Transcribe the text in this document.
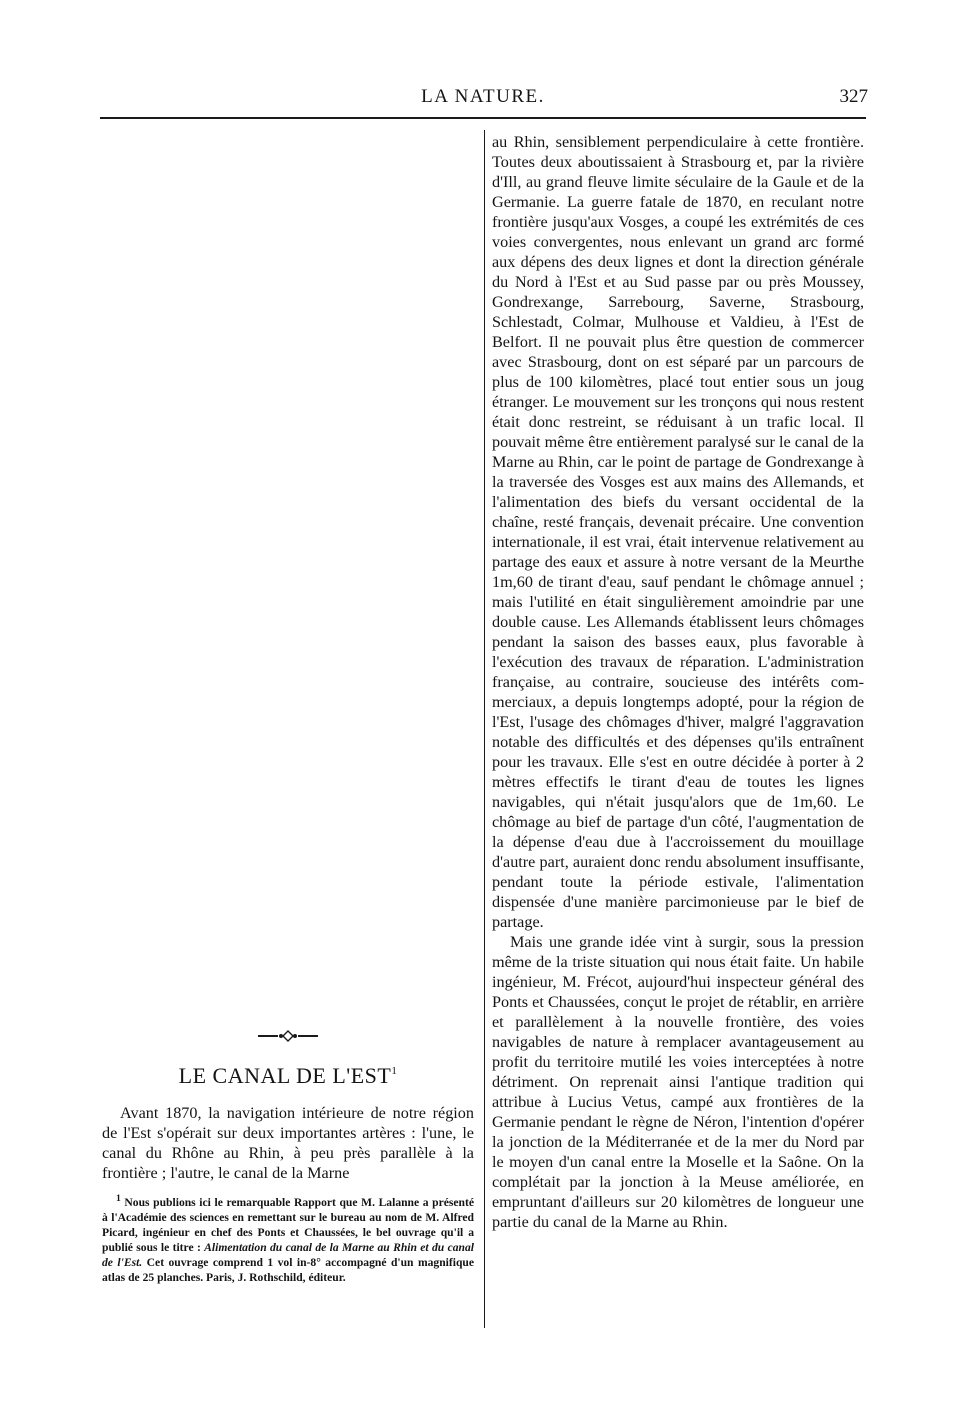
LA NATURE.	327
LE CANAL DE L'EST$^1$

Avant 1870, la navigation intérieure de notre région de l'Est s'opérait sur deux importantes artères : l'une, le canal du Rhône au Rhin, à peu près parallèle à la frontière ; l'autre, le canal de la Marne

$^1$ Nous publions ici le remarquable Rapport que M. Lalanne a présenté à l'Académie des sciences en remettant sur le bureau au nom de M. Alfred Picard, ingénieur en chef des Ponts et Chaussées, le bel ouvrage qu'il a publié sous le titre : Alimentation du canal de la Marne au Rhin et du canal de l'Est. Cet ouvrage comprend 1 vol in-8° accompagné d'un magnifique atlas de 25 planches. Paris, J. Rothschild, éditeur.

au Rhin, sensiblement perpendiculaire à cette frontière. Toutes deux aboutissaient à Strasbourg et, par la rivière d'Ill, au grand fleuve limite séculaire de la Gaule et de la Germanie. La guerre fatale de 1870, en reculant notre frontière jusqu'aux Vosges, a coupé les extrémités de ces voies convergentes, nous enlevant un grand arc formé aux dépens des deux lignes et dont la direction générale du Nord à l'Est et au Sud passe par ou près Moussey, Gondrexange, Sarrebourg, Saverne, Strasbourg, Schlestadt, Colmar, Mulhouse et Valdieu, à l'Est de Belfort. Il ne pouvait plus être question de commercer avec Strasbourg, dont on est séparé par un parcours de plus de 100 kilomètres, placé tout entier sous un joug étranger. Le mouvement sur les tronçons qui nous restent était donc restreint, se réduisant à un trafic local. Il pouvait même être entièrement paralysé sur le canal de la Marne au Rhin, car le point de partage de Gondrexange à la traversée des Vosges est aux mains des Allemands, et l'alimentation des biefs du versant occidental de la chaîne, resté français, devenait précaire. Une convention internationale, il est vrai, était intervenue relativement au partage des eaux et assure à notre versant de la Meurthe 1m,60 de tirant d'eau, sauf pendant le chômage annuel ; mais l'utilité en était singulièrement amoindrie par une double cause. Les Allemands établissent leurs chômages pendant la saison des basses eaux, plus favorable à l'exécution des travaux de réparation. L'administration française, au contraire, soucieuse des intérêts commerciaux, a depuis longtemps adopté, pour la région de l'Est, l'usage des chômages d'hiver, malgré l'aggravation notable des difficultés et des dépenses qu'ils entraînent pour les travaux. Elle s'est en outre décidée à porter à 2 mètres effectifs le tirant d'eau de toutes les lignes navigables, qui n'était jusqu'alors que de 1m,60. Le chômage au bief de partage d'un côté, l'augmentation de la dépense d'eau due à l'accroissement du mouillage d'autre part, auraient donc rendu absolument insuffisante, pendant toute la période estivale, l'alimentation dispensée d'une manière parcimonieuse par le bief de partage.

Mais une grande idée vint à surgir, sous la pression même de la triste situation qui nous était faite. Un habile ingénieur, M. Frécot, aujourd'hui inspecteur général des Ponts et Chaussées, conçut le projet de rétablir, en arrière et parallèlement à la nouvelle frontière, des voies navigables de nature à remplacer avantageusement au profit du territoire mutilé les voies interceptées à notre détriment. On reprenait ainsi l'antique tradition qui attribue à Lucius Vetus, campé aux frontières de la Germanie pendant le règne de Néron, l'intention d'opérer la jonction de la Méditerranée et de la mer du Nord par le moyen d'un canal entre la Moselle et la Saône. On la complétait par la jonction à la Meuse améliorée, en empruntant d'ailleurs sur 20 kilomètres de longueur une partie du canal de la Marne au Rhin.
